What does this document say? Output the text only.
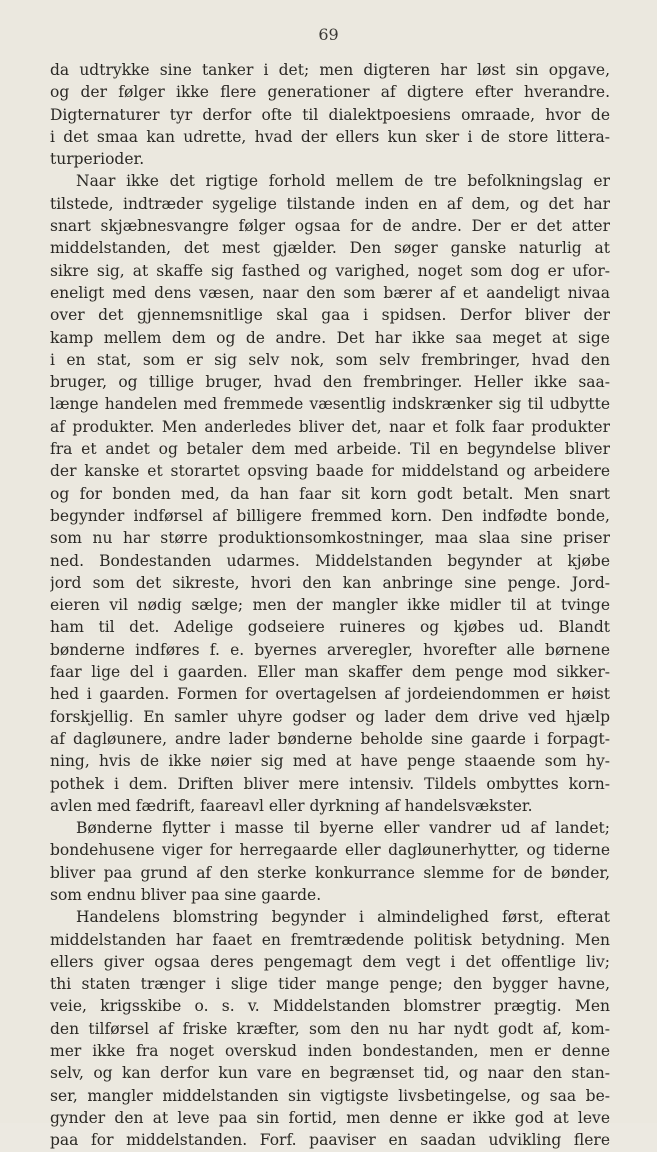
69
da udtrykke sine tanker i det; men digteren har løst sin opgave,
og der følger ikke flere generationer af digtere efter hverandre.
Digternaturer tyr derfor ofte til dialektpoesiens omraade, hvor de
i det smaa kan udrette, hvad der ellers kun sker i de store littera-
turperioder.
Naar ikke det rigtige forhold mellem de tre befolkningslag er
tilstede, indtræder sygelige tilstande inden en af dem, og det har
snart skjæbnesvangre følger ogsaa for de andre. Der er det atter
middelstanden, det mest gjælder. Den søger ganske naturlig at
sikre sig, at skaffe sig fasthed og varighed, noget som dog er ufor-
eneligt med dens væsen, naar den som bærer af et aandeligt nivaa
over det gjennemsnitlige skal gaa i spidsen. Derfor bliver der
kamp mellem dem og de andre. Det har ikke saa meget at sige
i en stat, som er sig selv nok, som selv frembringer, hvad den
bruger, og tillige bruger, hvad den frembringer. Heller ikke saa-
længe handelen med fremmede væsentlig indskrænker sig til udbytte
af produkter. Men anderledes bliver det, naar et folk faar produkter
fra et andet og betaler dem med arbeide. Til en begyndelse bliver
der kanske et storartet opsving baade for middelstand og arbeidere
og for bonden med, da han faar sit korn godt betalt. Men snart
begynder indførsel af billigere fremmed korn. Den indfødte bonde,
som nu har større produktionsomkostninger, maa slaa sine priser
ned. Bondestanden udarmes. Middelstanden begynder at kjøbe
jord som det sikreste, hvori den kan anbringe sine penge. Jord-
eieren vil nødig sælge; men der mangler ikke midler til at tvinge
ham til det. Adelige godseiere ruineres og kjøbes ud. Blandt
bønderne indføres f. e. byernes arveregler, hvorefter alle børnene
faar lige del i gaarden. Eller man skaffer dem penge mod sikker-
hed i gaarden. Formen for overtagelsen af jordeiendommen er høist
forskjellig. En samler uhyre godser og lader dem drive ved hjælp
af dagløunere, andre lader bønderne beholde sine gaarde i forpagt-
ning, hvis de ikke nøier sig med at have penge staaende som hy-
pothek i dem. Driften bliver mere intensiv. Tildels ombyttes korn-
avlen med fædrift, faareavl eller dyrkning af handelsvækster.
Bønderne flytter i masse til byerne eller vandrer ud af landet;
bondehusene viger for herregaarde eller dagløunerhytter, og tiderne
bliver paa grund af den sterke konkurrance slemme for de bønder,
som endnu bliver paa sine gaarde.
Handelens blomstring begynder i almindelighed først, efterat
middelstanden har faaet en fremtrædende politisk betydning. Men
ellers giver ogsaa deres pengemagt dem vegt i det offentlige liv;
thi staten trænger i slige tider mange penge; den bygger havne,
veie, krigsskibe o. s. v. Middelstanden blomstrer prægtig. Men
den tilførsel af friske kræfter, som den nu har nydt godt af, kom-
mer ikke fra noget overskud inden bondestanden, men er denne
selv, og kan derfor kun vare en begrænset tid, og naar den stan-
ser, mangler middelstanden sin vigtigste livsbetingelse, og saa be-
gynder den at leve paa sin fortid, men denne er ikke god at leve
paa for middelstanden. Forf. paaviser en saadan udvikling flere
